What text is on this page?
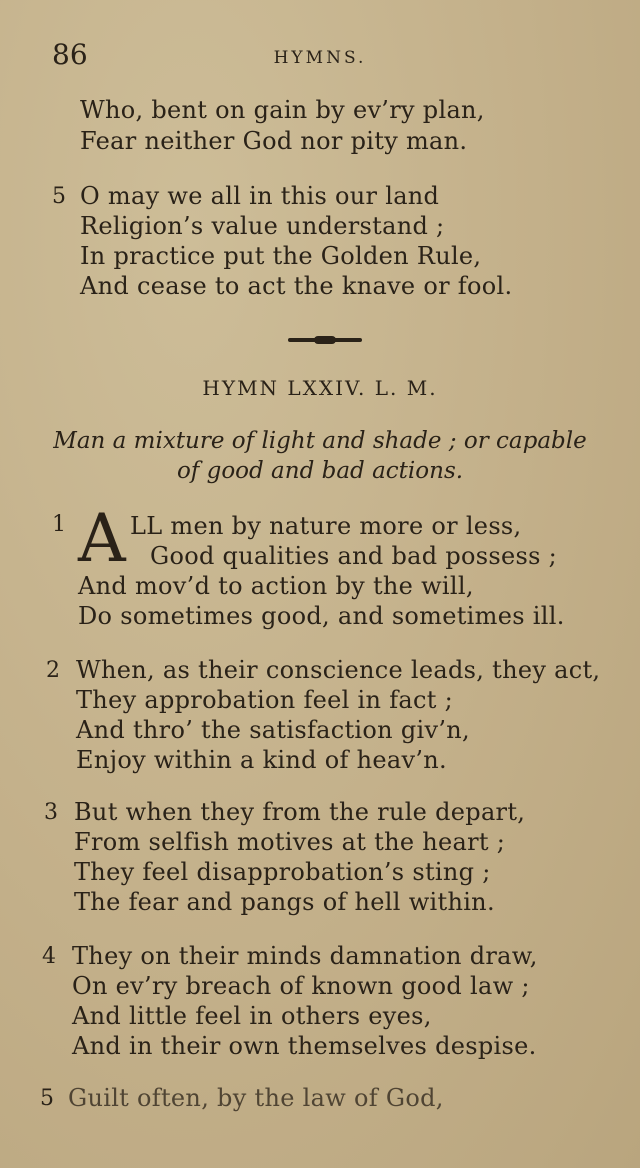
86	HYMNS.
Who, bent on gain by ev’ry plan,
Fear neither God nor pity man.
5 O may we all in this our land
Religion’s value understand ;
In practice put the Golden Rule,
And cease to act the knave or fool.
HYMN LXXIV. L. M.
Man a mixture of light and shade ; or capable
of good and bad actions.
1 A LL men by nature more or less,
Good qualities and bad possess ;
And mov’d to action by the will,
Do sometimes good, and sometimes ill.
2 When, as their conscience leads, they act,
They approbation feel in fact ;
And thro’ the satisfaction giv’n,
Enjoy within a kind of heav’n.
3 But when they from the rule depart,
From selfish motives at the heart ;
They feel disapprobation’s sting ;
The fear and pangs of hell within.
4 They on their minds damnation draw,
On ev’ry breach of known good law ;
And little feel in others eyes,
And in their own themselves despise.
5 Guilt often, by the law of God,
